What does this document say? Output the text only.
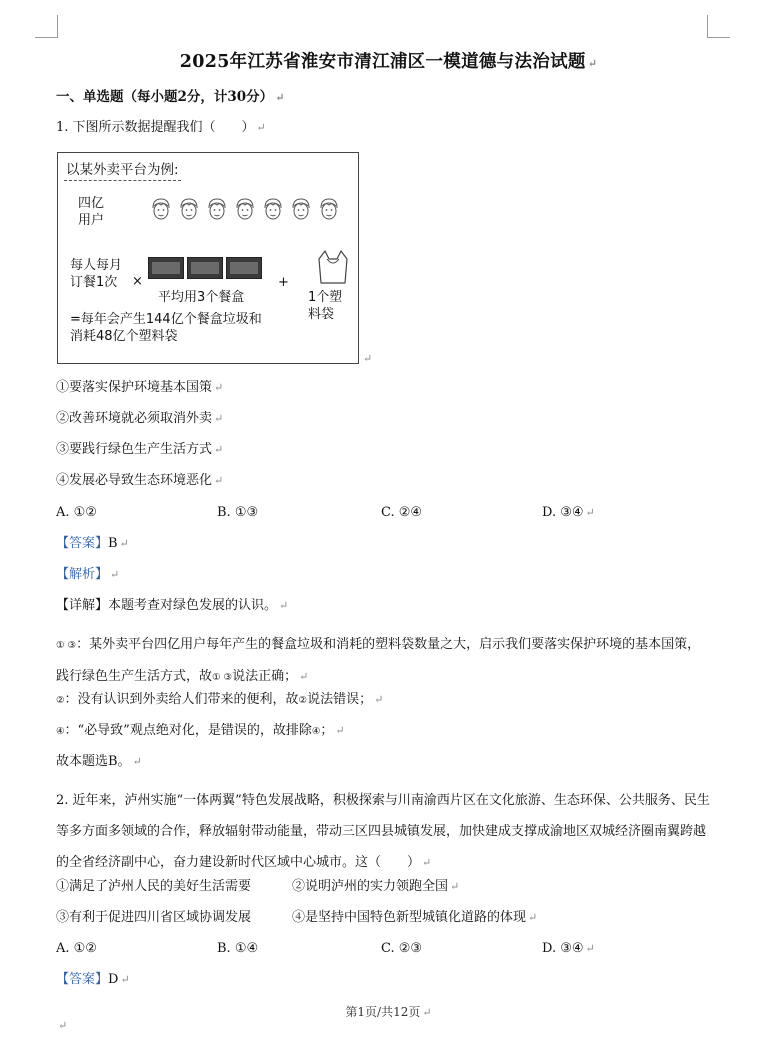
2025年江苏省淮安市清江浦区一模道德与法治试题 ↵
一、单选题（每小题2分，计30分） ↵
1. 下图所示数据提醒我们（　　） ↵
以某外卖平台为例:
四亿
用户
每人每月
订餐1次	×
平均用3个餐盒
+
1个塑
料袋
=每年会产生144亿个餐盒垃圾和
消耗48亿个塑料袋
↵
①要落实保护环境基本国策 ↵
②改善环境就必须取消外卖 ↵
③要践行绿色生产生活方式 ↵
④发展必导致生态环境恶化 ↵
A. ①②	B. ①③	C. ②④	D. ③④ ↵
【答案】B ↵
【解析】 ↵
【详解】本题考查对绿色发展的认识。 ↵
① ③：某外卖平台四亿用户每年产生的餐盒垃圾和消耗的塑料袋数量之大，启示我们要落实保护环境的基本国策，践行绿色生产生活方式，故① ③说法正确； ↵
②：没有认识到外卖给人们带来的便利，故②说法错误； ↵
④：“必导致”观点绝对化，是错误的，故排除④； ↵
故本题选B。 ↵
2. 近年来，泸州实施“一体两翼”特色发展战略，积极探索与川南渝西片区在文化旅游、生态环保、公共服务、民生等多方面多领域的合作，释放辐射带动能量，带动三区四县城镇发展，加快建成支撑成渝地区双城经济圈南翼跨越的全省经济副中心，奋力建设新时代区域中心城市。这（　　） ↵
①满足了泸州人民的美好生活需要	②说明泸州的实力领跑全国 ↵
③有利于促进四川省区域协调发展	④是坚持中国特色新型城镇化道路的体现 ↵
A. ①②	B. ①④	C. ②③	D. ③④ ↵
【答案】D ↵
第1页/共12页 ↵
↵
